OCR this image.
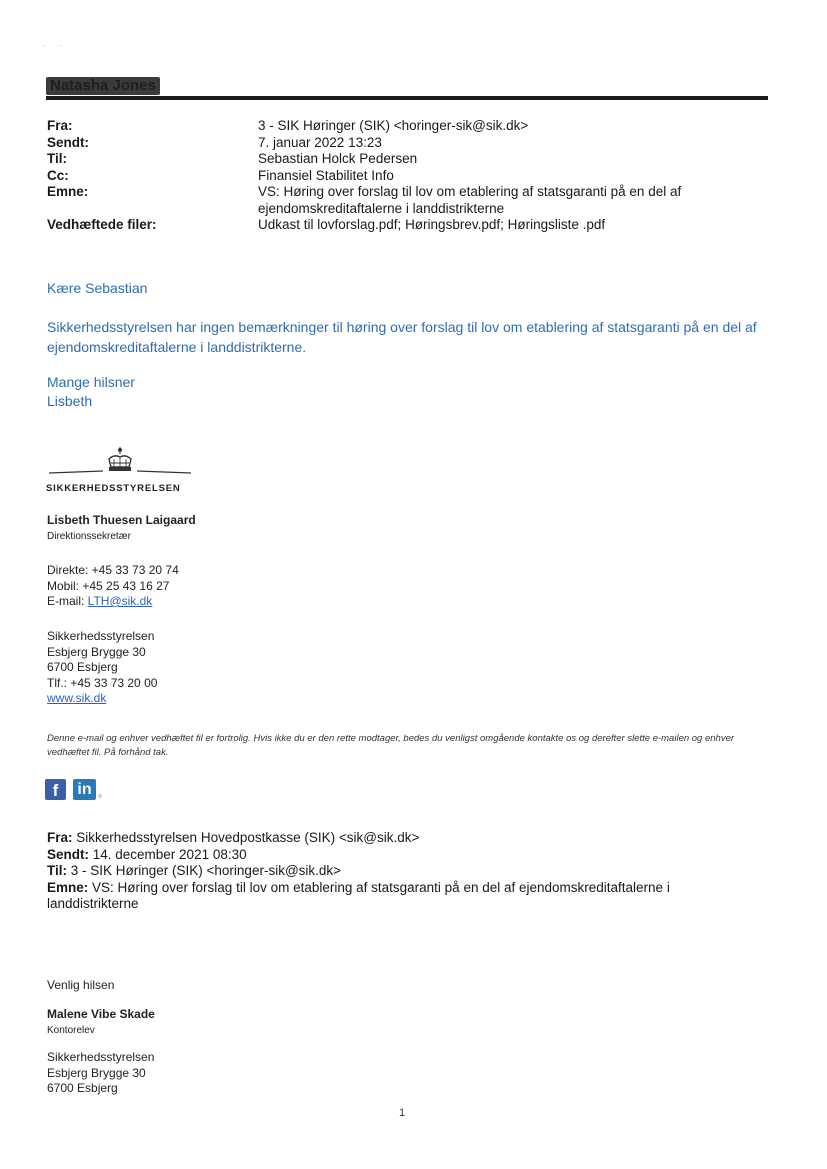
· ·
Natasha Jones
Fra:	3 - SIK Høringer (SIK) <horinger-sik@sik.dk>
Sendt:	7. januar 2022 13:23
Til:	Sebastian Holck Pedersen
Cc:	Finansiel Stabilitet Info
Emne:	VS: Høring over forslag til lov om etablering af statsgaranti på en del af ejendomskreditaftalerne i landdistrikterne
Vedhæftede filer:	Udkast til lovforslag.pdf; Høringsbrev.pdf; Høringsliste .pdf
Kære Sebastian
Sikkerhedsstyrelsen har ingen bemærkninger til høring over forslag til lov om etablering af statsgaranti på en del af ejendomskreditaftalerne i landdistrikterne.
Mange hilsner
Lisbeth
SIKKERHEDSSTYRELSEN
Lisbeth Thuesen Laigaard
Direktionssekretær
Direkte: +45 33 73 20 74
Mobil: +45 25 43 16 27
E-mail: LTH@sik.dk
Sikkerhedsstyrelsen
Esbjerg Brygge 30
6700 Esbjerg
Tlf.: +45 33 73 20 00
www.sik.dk
Denne e-mail og enhver vedhæftet fil er fortrolig. Hvis ikke du er den rette modtager, bedes du venligst omgående kontakte os og derefter slette e-mailen og enhver vedhæftet fil. På forhånd tak.
f	in	®
Fra: Sikkerhedsstyrelsen Hovedpostkasse (SIK) <sik@sik.dk>
Sendt: 14. december 2021 08:30
Til: 3 - SIK Høringer (SIK) <horinger-sik@sik.dk>
Emne: VS: Høring over forslag til lov om etablering af statsgaranti på en del af ejendomskreditaftalerne i landdistrikterne
Venlig hilsen
Malene Vibe Skade
Kontorelev
Sikkerhedsstyrelsen
Esbjerg Brygge 30
6700 Esbjerg
1
